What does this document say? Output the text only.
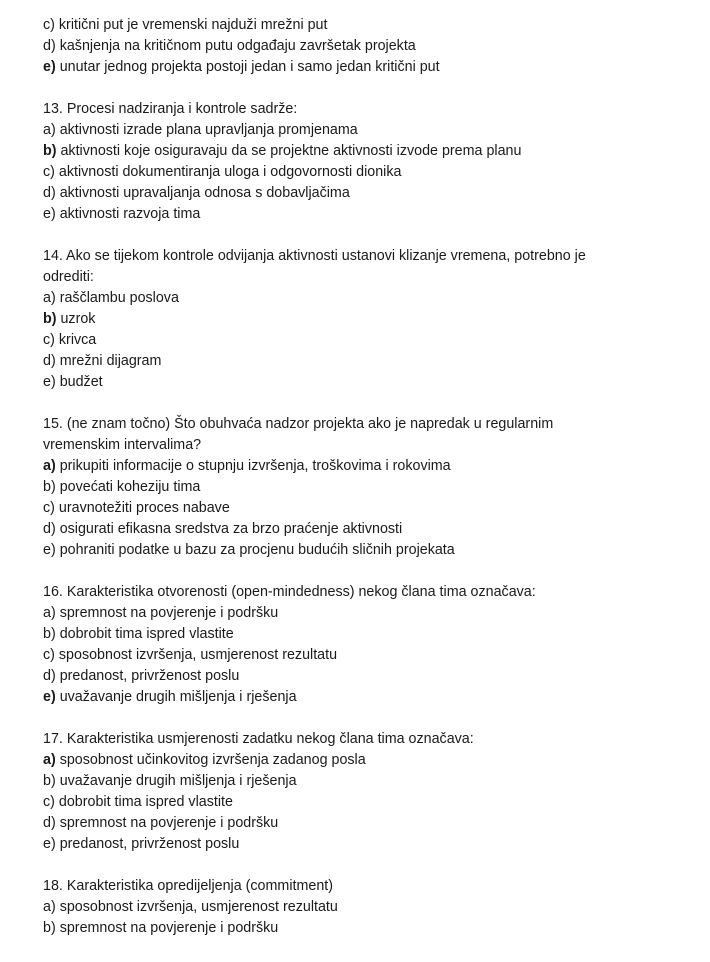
c) kritični put je vremenski najduži mrežni put
d) kašnjenja na kritičnom putu odgađaju završetak projekta
e) unutar jednog projekta postoji jedan i samo jedan kritični put
13. Procesi nadziranja i kontrole sadrže:
a) aktivnosti izrade plana upravljanja promjenama
b) aktivnosti koje osiguravaju da se projektne aktivnosti izvode prema planu
c) aktivnosti dokumentiranja uloga i odgovornosti dionika
d) aktivnosti upravaljanja odnosa s dobavljačima
e) aktivnosti razvoja tima
14. Ako se tijekom kontrole odvijanja aktivnosti ustanovi klizanje vremena, potrebno je
odrediti:
a) raščlambu poslova
b) uzrok
c) krivca
d) mrežni dijagram
e) budžet
15. (ne znam točno) Što obuhvaća nadzor projekta ako je napredak u regularnim
vremenskim intervalima?
a) prikupiti informacije o stupnju izvršenja, troškovima i rokovima
b) povećati koheziju tima
c) uravnotežiti proces nabave
d) osigurati efikasna sredstva za brzo praćenje aktivnosti
e) pohraniti podatke u bazu za procjenu budućih sličnih projekata
16. Karakteristika otvorenosti (open-mindedness) nekog člana tima označava:
a) spremnost na povjerenje i podršku
b) dobrobit tima ispred vlastite
c) sposobnost izvršenja, usmjerenost rezultatu
d) predanost, privrženost poslu
e) uvažavanje drugih mišljenja i rješenja
17. Karakteristika usmjerenosti zadatku nekog člana tima označava:
a) sposobnost učinkovitog izvršenja zadanog posla
b) uvažavanje drugih mišljenja i rješenja
c) dobrobit tima ispred vlastite
d) spremnost na povjerenje i podršku
e) predanost, privrženost poslu
18. Karakteristika opredijeljenja (commitment)
a) sposobnost izvršenja, usmjerenost rezultatu
b) spremnost na povjerenje i podršku
